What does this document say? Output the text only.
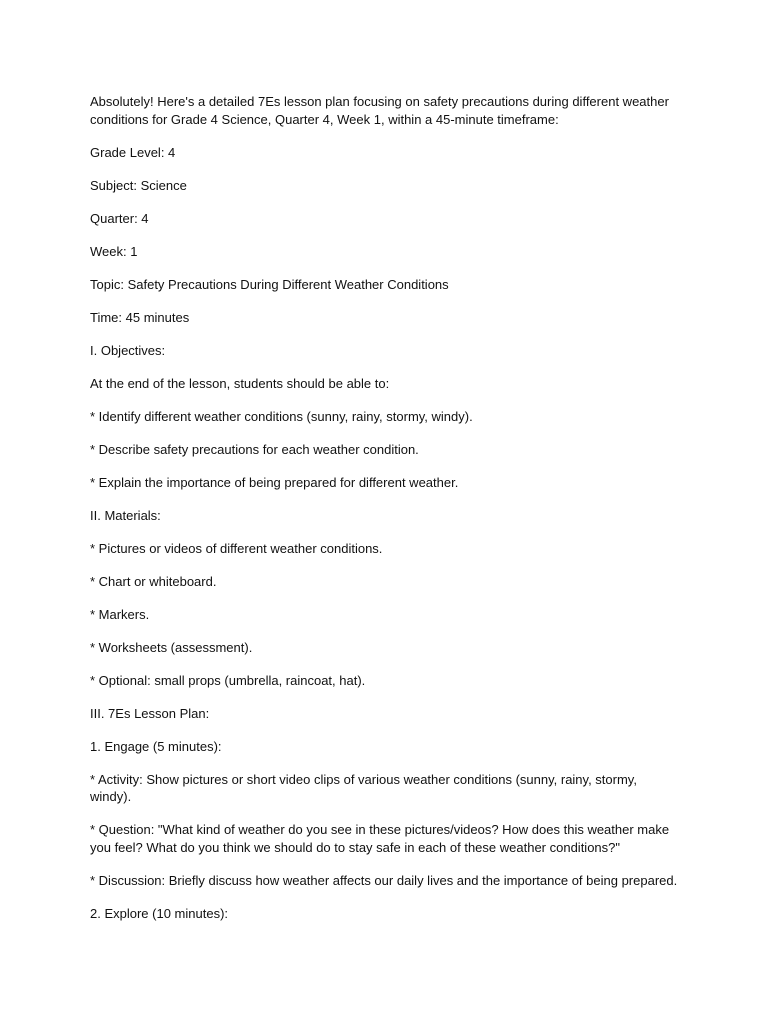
Absolutely! Here's a detailed 7Es lesson plan focusing on safety precautions during different weather conditions for Grade 4 Science, Quarter 4, Week 1, within a 45-minute timeframe:

Grade Level: 4

Subject: Science

Quarter: 4

Week: 1

Topic: Safety Precautions During Different Weather Conditions

Time: 45 minutes

I. Objectives:

At the end of the lesson, students should be able to:

* Identify different weather conditions (sunny, rainy, stormy, windy).

* Describe safety precautions for each weather condition.

* Explain the importance of being prepared for different weather.

II. Materials:

* Pictures or videos of different weather conditions.

* Chart or whiteboard.

* Markers.

* Worksheets (assessment).

* Optional: small props (umbrella, raincoat, hat).

III. 7Es Lesson Plan:

1. Engage (5 minutes):

* Activity: Show pictures or short video clips of various weather conditions (sunny, rainy, stormy, windy).

* Question: "What kind of weather do you see in these pictures/videos? How does this weather make you feel? What do you think we should do to stay safe in each of these weather conditions?"

* Discussion: Briefly discuss how weather affects our daily lives and the importance of being prepared.

2. Explore (10 minutes):
